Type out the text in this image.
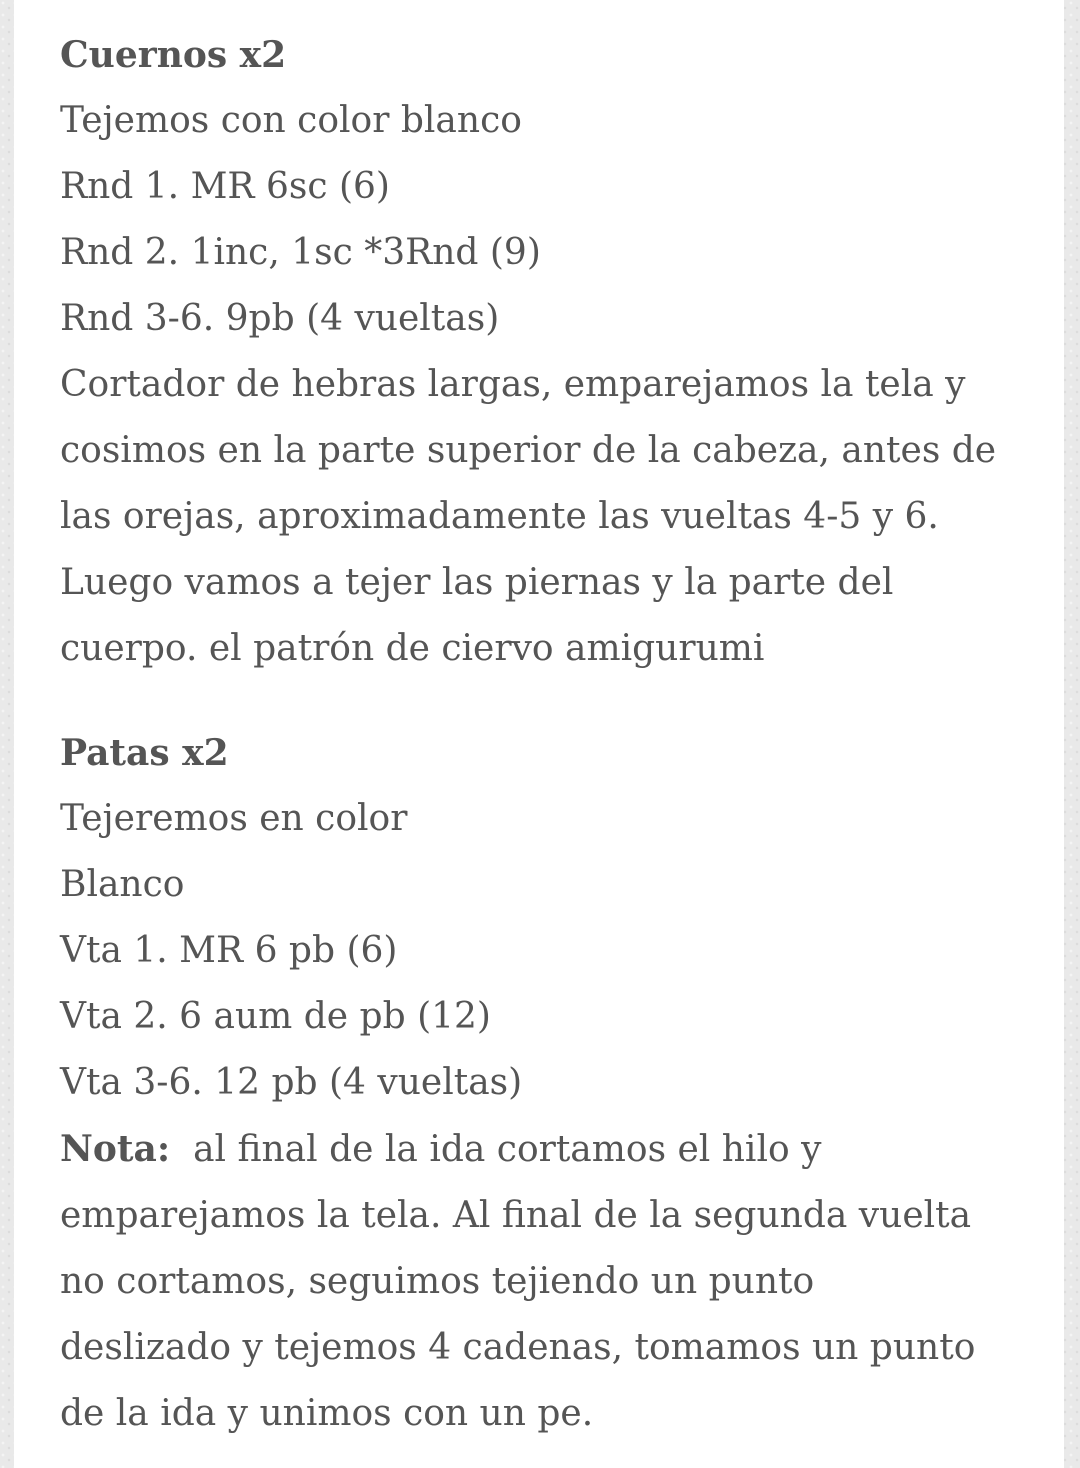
Cuernos x2
Tejemos con color blanco
Rnd 1. MR 6sc (6)
Rnd 2. 1inc, 1sc *3Rnd (9)
Rnd 3-6. 9pb (4 vueltas)
Cortador de hebras largas, emparejamos la tela y
cosimos en la parte superior de la cabeza, antes de
las orejas, aproximadamente las vueltas 4-5 y 6.
Luego vamos a tejer las piernas y la parte del
cuerpo. el patrón de ciervo amigurumi
Patas x2
Tejeremos en color
Blanco
Vta 1. MR 6 pb (6)
Vta 2. 6 aum de pb (12)
Vta 3-6. 12 pb (4 vueltas)
Nota: al final de la ida cortamos el hilo y
emparejamos la tela. Al final de la segunda vuelta
no cortamos, seguimos tejiendo un punto
deslizado y tejemos 4 cadenas, tomamos un punto
de la ida y unimos con un pe.
